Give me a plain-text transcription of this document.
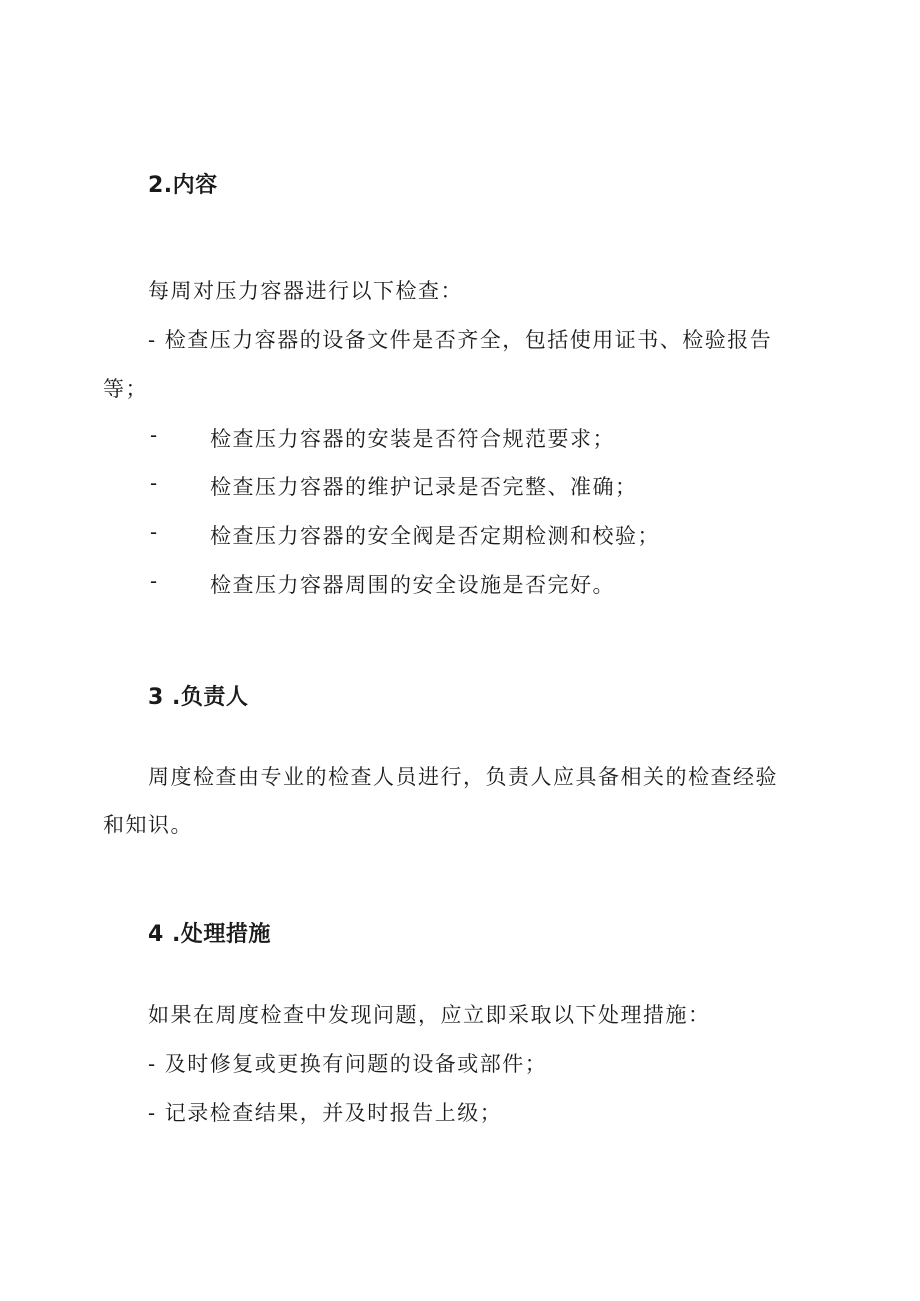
2.内容
每周对压力容器进行以下检查：
- 检查压力容器的设备文件是否齐全，包括使用证书、检验报告
等；
-	检查压力容器的安装是否符合规范要求；
-	检查压力容器的维护记录是否完整、准确；
-	检查压力容器的安全阀是否定期检测和校验；
-	检查压力容器周围的安全设施是否完好。
3 .负责人
周度检查由专业的检查人员进行，负责人应具备相关的检查经验
和知识。
4 .处理措施
如果在周度检查中发现问题，应立即采取以下处理措施：
- 及时修复或更换有问题的设备或部件；
- 记录检查结果，并及时报告上级；
